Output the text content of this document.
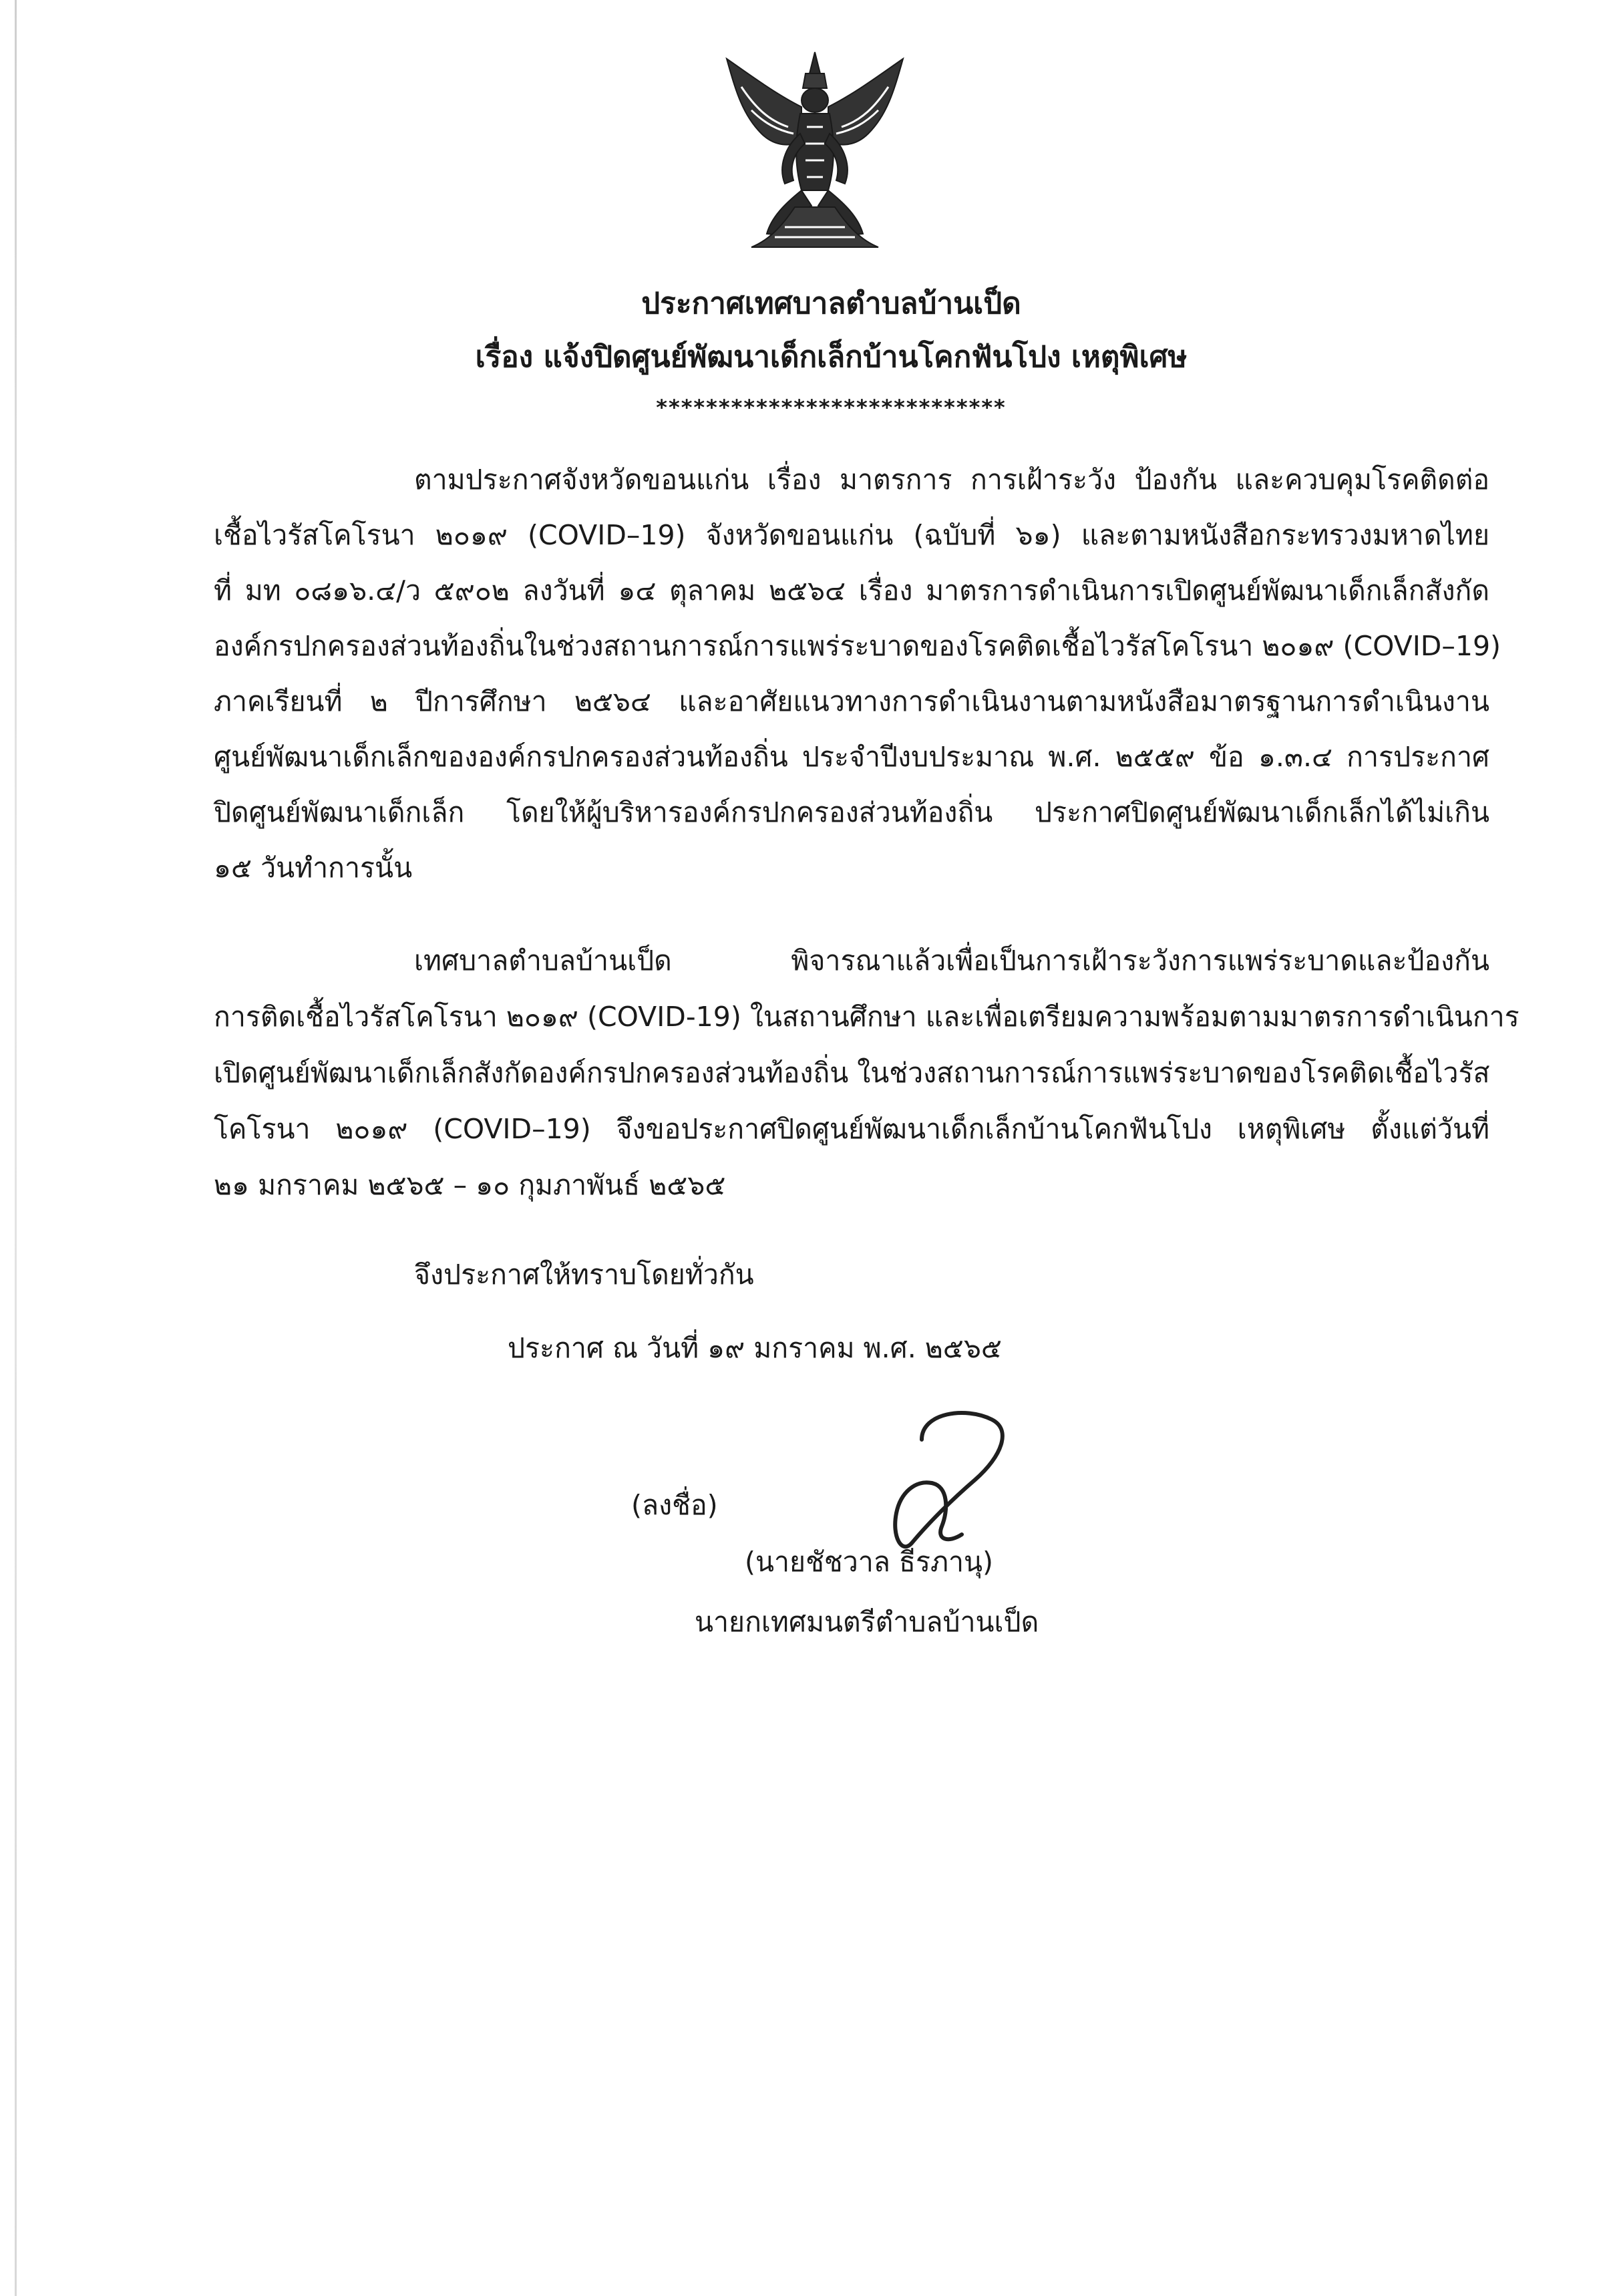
ประกาศเทศบาลตำบลบ้านเป็ด
เรื่อง แจ้งปิดศูนย์พัฒนาเด็กเล็กบ้านโคกฟันโปง เหตุพิเศษ
****************************
ตามประกาศจังหวัดขอนแก่น เรื่อง มาตรการ การเฝ้าระวัง ป้องกัน และควบคุมโรคติดต่อ
เชื้อไวรัสโคโรนา ๒๐๑๙ (COVID–19) จังหวัดขอนแก่น (ฉบับที่ ๖๑) และตามหนังสือกระทรวงมหาดไทย
ที่ มท ๐๘๑๖.๔/ว ๕๙๐๒ ลงวันที่ ๑๔ ตุลาคม ๒๕๖๔ เรื่อง มาตรการดำเนินการเปิดศูนย์พัฒนาเด็กเล็กสังกัด
องค์กรปกครองส่วนท้องถิ่นในช่วงสถานการณ์การแพร่ระบาดของโรคติดเชื้อไวรัสโคโรนา ๒๐๑๙ (COVID–19)
ภาคเรียนที่ ๒ ปีการศึกษา ๒๕๖๔ และอาศัยแนวทางการดำเนินงานตามหนังสือมาตรฐานการดำเนินงาน
ศูนย์พัฒนาเด็กเล็กขององค์กรปกครองส่วนท้องถิ่น ประจำปีงบประมาณ พ.ศ. ๒๕๕๙ ข้อ ๑.๓.๔ การประกาศ
ปิดศูนย์พัฒนาเด็กเล็ก โดยให้ผู้บริหารองค์กรปกครองส่วนท้องถิ่น ประกาศปิดศูนย์พัฒนาเด็กเล็กได้ไม่เกิน
๑๕ วันทำการนั้น
เทศบาลตำบลบ้านเป็ด พิจารณาแล้วเพื่อเป็นการเฝ้าระวังการแพร่ระบาดและป้องกัน
การติดเชื้อไวรัสโคโรนา ๒๐๑๙ (COVID-19) ในสถานศึกษา และเพื่อเตรียมความพร้อมตามมาตรการดำเนินการ
เปิดศูนย์พัฒนาเด็กเล็กสังกัดองค์กรปกครองส่วนท้องถิ่น ในช่วงสถานการณ์การแพร่ระบาดของโรคติดเชื้อไวรัส
โคโรนา ๒๐๑๙ (COVID–19) จึงขอประกาศปิดศูนย์พัฒนาเด็กเล็กบ้านโคกฟันโปง เหตุพิเศษ ตั้งแต่วันที่
๒๑ มกราคม ๒๕๖๕ – ๑๐ กุมภาพันธ์ ๒๕๖๕
จึงประกาศให้ทราบโดยทั่วกัน
ประกาศ ณ วันที่ ๑๙ มกราคม พ.ศ. ๒๕๖๕
(ลงชื่อ)
(นายชัชวาล ธีรภานุ)
นายกเทศมนตรีตำบลบ้านเป็ด
